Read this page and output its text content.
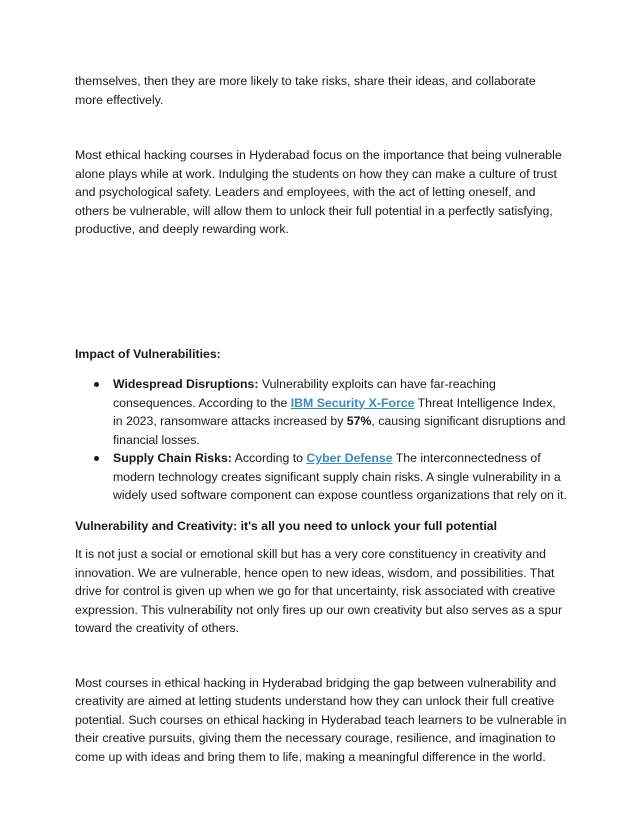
themselves, then they are more likely to take risks, share their ideas, and collaborate more effectively.

Most ethical hacking courses in Hyderabad focus on the importance that being vulnerable alone plays while at work. Indulging the students on how they can make a culture of trust and psychological safety. Leaders and employees, with the act of letting oneself, and others be vulnerable, will allow them to unlock their full potential in a perfectly satisfying, productive, and deeply rewarding work.

Impact of Vulnerabilities:

Widespread Disruptions: Vulnerability exploits can have far-reaching consequences. According to the IBM Security X-Force Threat Intelligence Index, in 2023, ransomware attacks increased by 57%, causing significant disruptions and financial losses.
Supply Chain Risks: According to Cyber Defense The interconnectedness of modern technology creates significant supply chain risks. A single vulnerability in a widely used software component can expose countless organizations that rely on it.

Vulnerability and Creativity: it's all you need to unlock your full potential

It is not just a social or emotional skill but has a very core constituency in creativity and innovation. We are vulnerable, hence open to new ideas, wisdom, and possibilities. That drive for control is given up when we go for that uncertainty, risk associated with creative expression. This vulnerability not only fires up our own creativity but also serves as a spur toward the creativity of others.

Most courses in ethical hacking in Hyderabad bridging the gap between vulnerability and creativity are aimed at letting students understand how they can unlock their full creative potential. Such courses on ethical hacking in Hyderabad teach learners to be vulnerable in their creative pursuits, giving them the necessary courage, resilience, and imagination to come up with ideas and bring them to life, making a meaningful difference in the world.
